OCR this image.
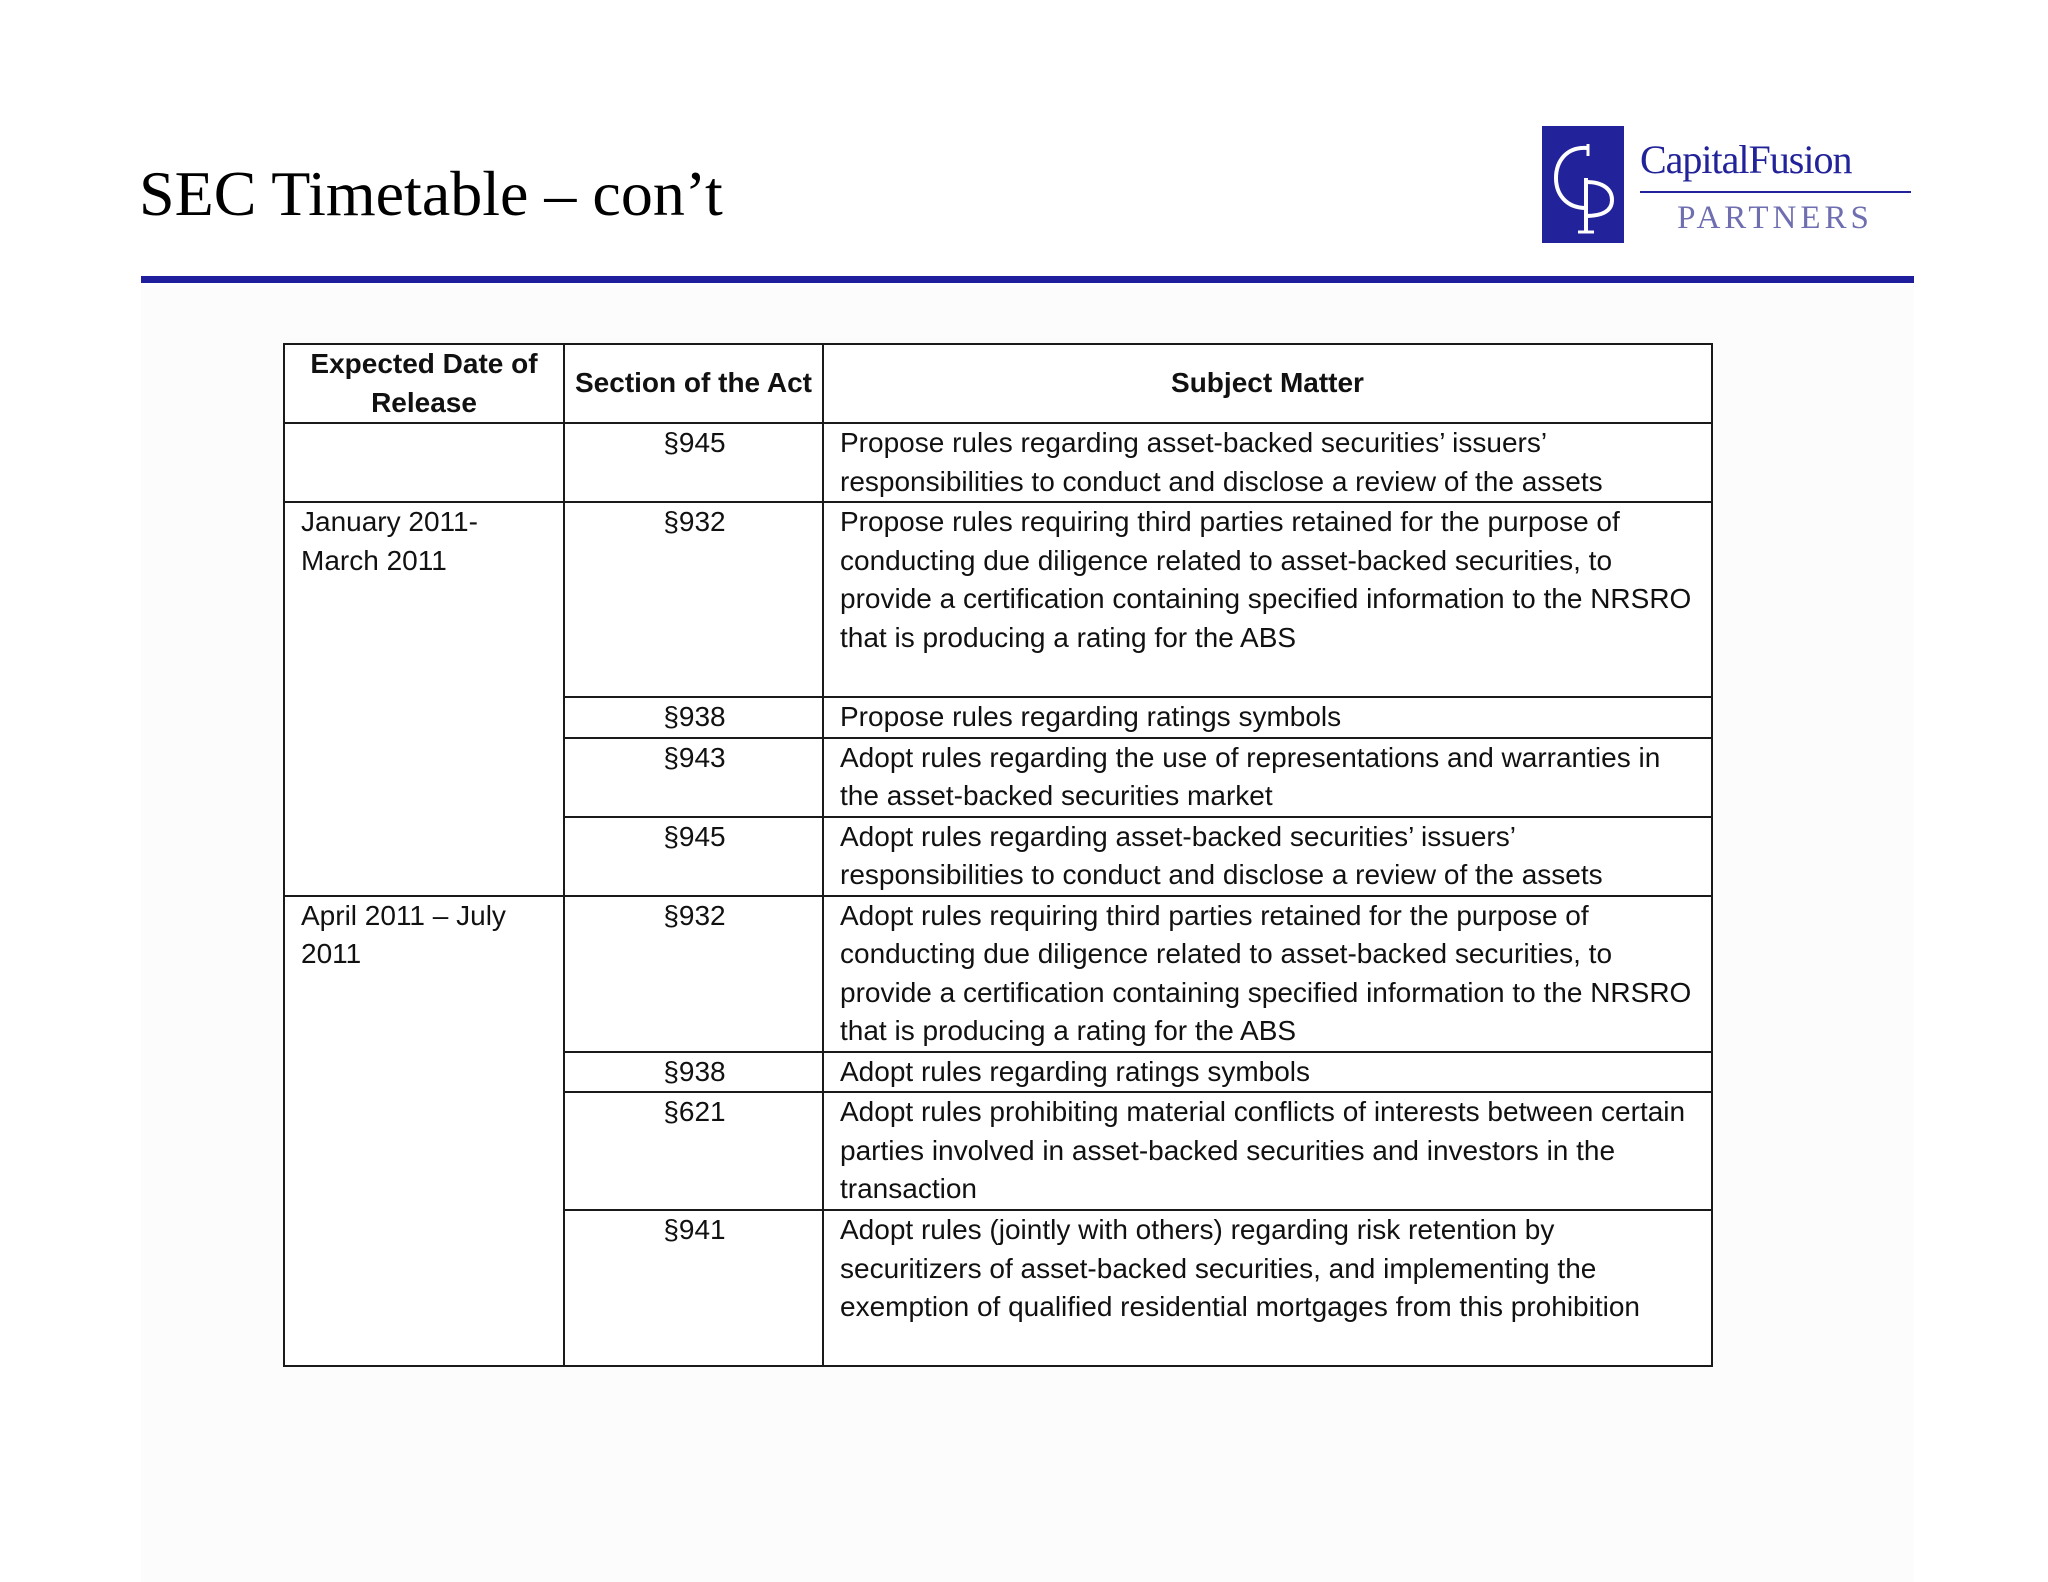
SEC Timetable – con’t	CapitalFusion
PARTNERS
Expected Date of Release	Section of the Act	Subject Matter
	§945	Propose rules regarding asset-backed securities’ issuers’ responsibilities to conduct and disclose a review of the assets
January 2011- March 2011	§932	Propose rules requiring third parties retained for the purpose of conducting due diligence related to asset-backed securities, to provide a certification containing specified information to the NRSRO that is producing a rating for the ABS
	§938	Propose rules regarding ratings symbols
	§943	Adopt rules regarding the use of representations and warranties in the asset-backed securities market
	§945	Adopt rules regarding asset-backed securities’ issuers’ responsibilities to conduct and disclose a review of the assets
April 2011 – July 2011	§932	Adopt rules requiring third parties retained for the purpose of conducting due diligence related to asset-backed securities, to provide a certification containing specified information to the NRSRO that is producing a rating for the ABS
	§938	Adopt rules regarding ratings symbols
	§621	Adopt rules prohibiting material conflicts of interests between certain parties involved in asset-backed securities and investors in the transaction
	§941	Adopt rules (jointly with others) regarding risk retention by securitizers of asset-backed securities, and implementing the exemption of qualified residential mortgages from this prohibition
